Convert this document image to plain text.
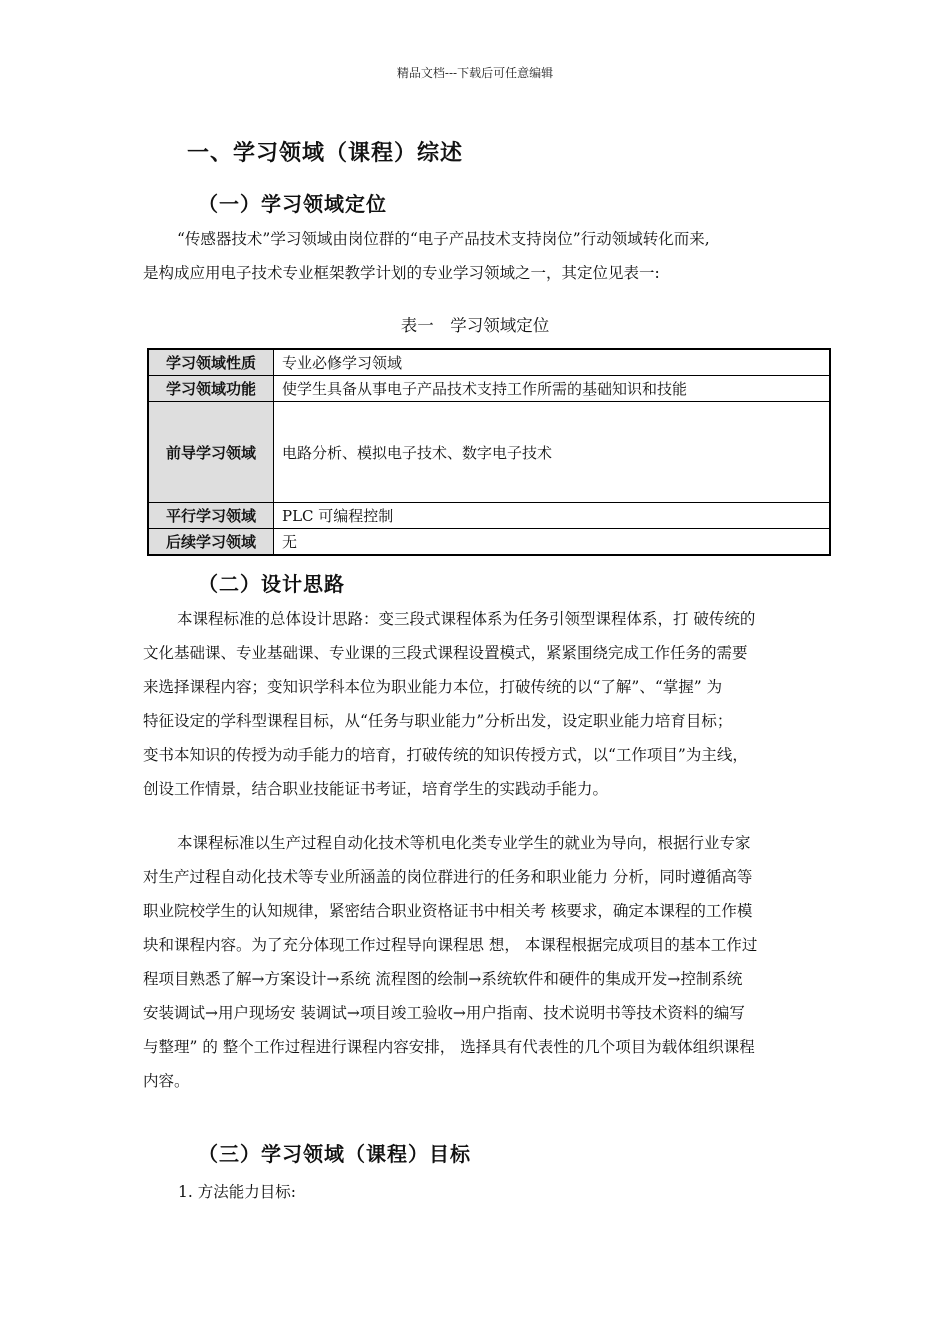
精品文档---下载后可任意编辑
一、学习领域（课程）综述
（一）学习领域定位
“传感器技术”学习领域由岗位群的“电子产品技术支持岗位”行动领域转化而来,
是构成应用电子技术专业框架教学计划的专业学习领域之一，其定位见表一:
表一　学习领域定位
学习领域性质	专业必修学习领域
学习领域功能	使学生具备从事电子产品技术支持工作所需的基础知识和技能
前导学习领域	电路分析、模拟电子技术、数字电子技术
平行学习领域	PLC 可编程控制
后续学习领域	无
（二）设计思路
本课程标准的总体设计思路：变三段式课程体系为任务引领型课程体系，打 破传统的
文化基础课、专业基础课、专业课的三段式课程设置模式，紧紧围绕完成工作任务的需要
来选择课程内容；变知识学科本位为职业能力本位，打破传统的以“了解”、“掌握” 为
特征设定的学科型课程目标，从“任务与职业能力”分析出发，设定职业能力培育目标；
变书本知识的传授为动手能力的培育，打破传统的知识传授方式，以“工作项目”为主线，
创设工作情景，结合职业技能证书考证，培育学生的实践动手能力。
本课程标准以生产过程自动化技术等机电化类专业学生的就业为导向，根据行业专家
对生产过程自动化技术等专业所涵盖的岗位群进行的任务和职业能力 分析，同时遵循高等
职业院校学生的认知规律，紧密结合职业资格证书中相关考 核要求，确定本课程的工作模
块和课程内容。为了充分体现工作过程导向课程思 想， 本课程根据完成项目的基本工作过
程项目熟悉了解→方案设计→系统 流程图的绘制→系统软件和硬件的集成开发→控制系统
安装调试→用户现场安 装调试→项目竣工验收→用户指南、技术说明书等技术资料的编写
与整理” 的 整个工作过程进行课程内容安排， 选择具有代表性的几个项目为载体组织课程
内容。
（三）学习领域（课程）目标
1. 方法能力目标:
